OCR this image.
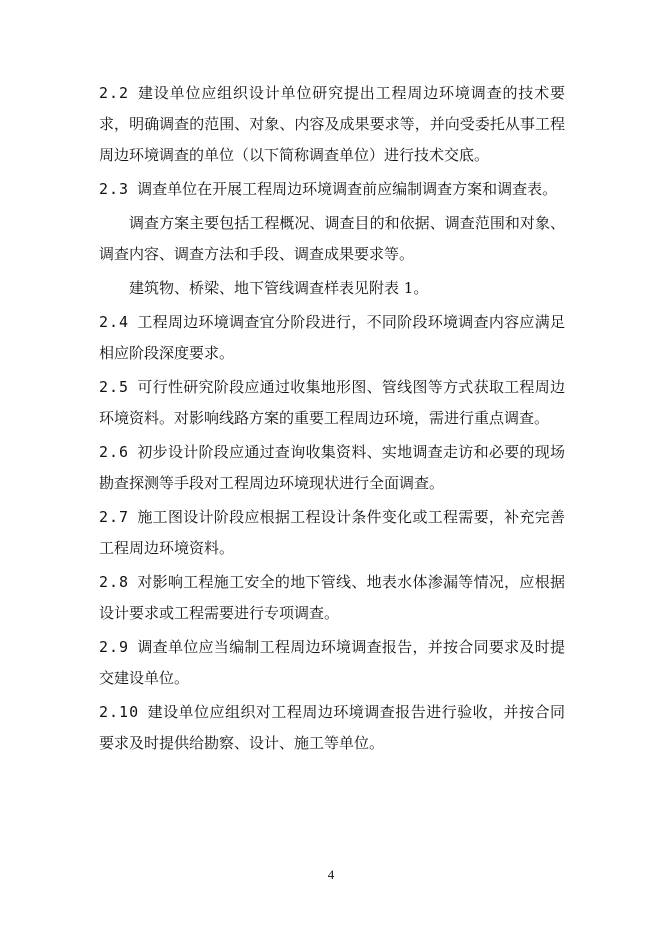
2.2 建设单位应组织设计单位研究提出工程周边环境调查的技术要求，明确调查的范围、对象、内容及成果要求等，并向受委托从事工程周边环境调查的单位（以下简称调查单位）进行技术交底。

2.3 调查单位在开展工程周边环境调查前应编制调查方案和调查表。

调查方案主要包括工程概况、调查目的和依据、调查范围和对象、调查内容、调查方法和手段、调查成果要求等。

建筑物、桥梁、地下管线调查样表见附表 1。

2.4 工程周边环境调查宜分阶段进行，不同阶段环境调查内容应满足相应阶段深度要求。

2.5 可行性研究阶段应通过收集地形图、管线图等方式获取工程周边环境资料。对影响线路方案的重要工程周边环境，需进行重点调查。

2.6 初步设计阶段应通过查询收集资料、实地调查走访和必要的现场勘查探测等手段对工程周边环境现状进行全面调查。

2.7 施工图设计阶段应根据工程设计条件变化或工程需要，补充完善工程周边环境资料。

2.8 对影响工程施工安全的地下管线、地表水体渗漏等情况，应根据设计要求或工程需要进行专项调查。

2.9 调查单位应当编制工程周边环境调查报告，并按合同要求及时提交建设单位。

2.10 建设单位应组织对工程周边环境调查报告进行验收，并按合同要求及时提供给勘察、设计、施工等单位。

4
